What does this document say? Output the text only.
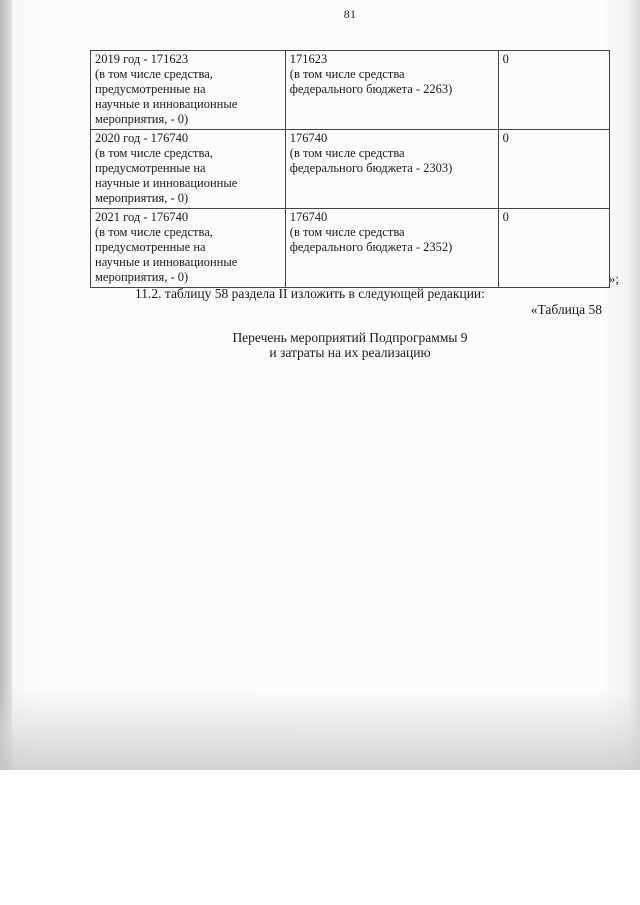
81
2019 год - 171623
(в том числе средства,
предусмотренные на
научные и инновационные
мероприятия, - 0)	171623
(в том числе средства
федерального бюджета - 2263)	0

2020 год - 176740
(в том числе средства,
предусмотренные на
научные и инновационные
мероприятия, - 0)	176740
(в том числе средства
федерального бюджета - 2303)	0

2021 год - 176740
(в том числе средства,
предусмотренные на
научные и инновационные
мероприятия, - 0)	176740
(в том числе средства
федерального бюджета - 2352)	0
»;
11.2. таблицу 58 раздела II изложить в следующей редакции:
«Таблица 58
Перечень мероприятий Подпрограммы 9
и затраты на их реализацию
